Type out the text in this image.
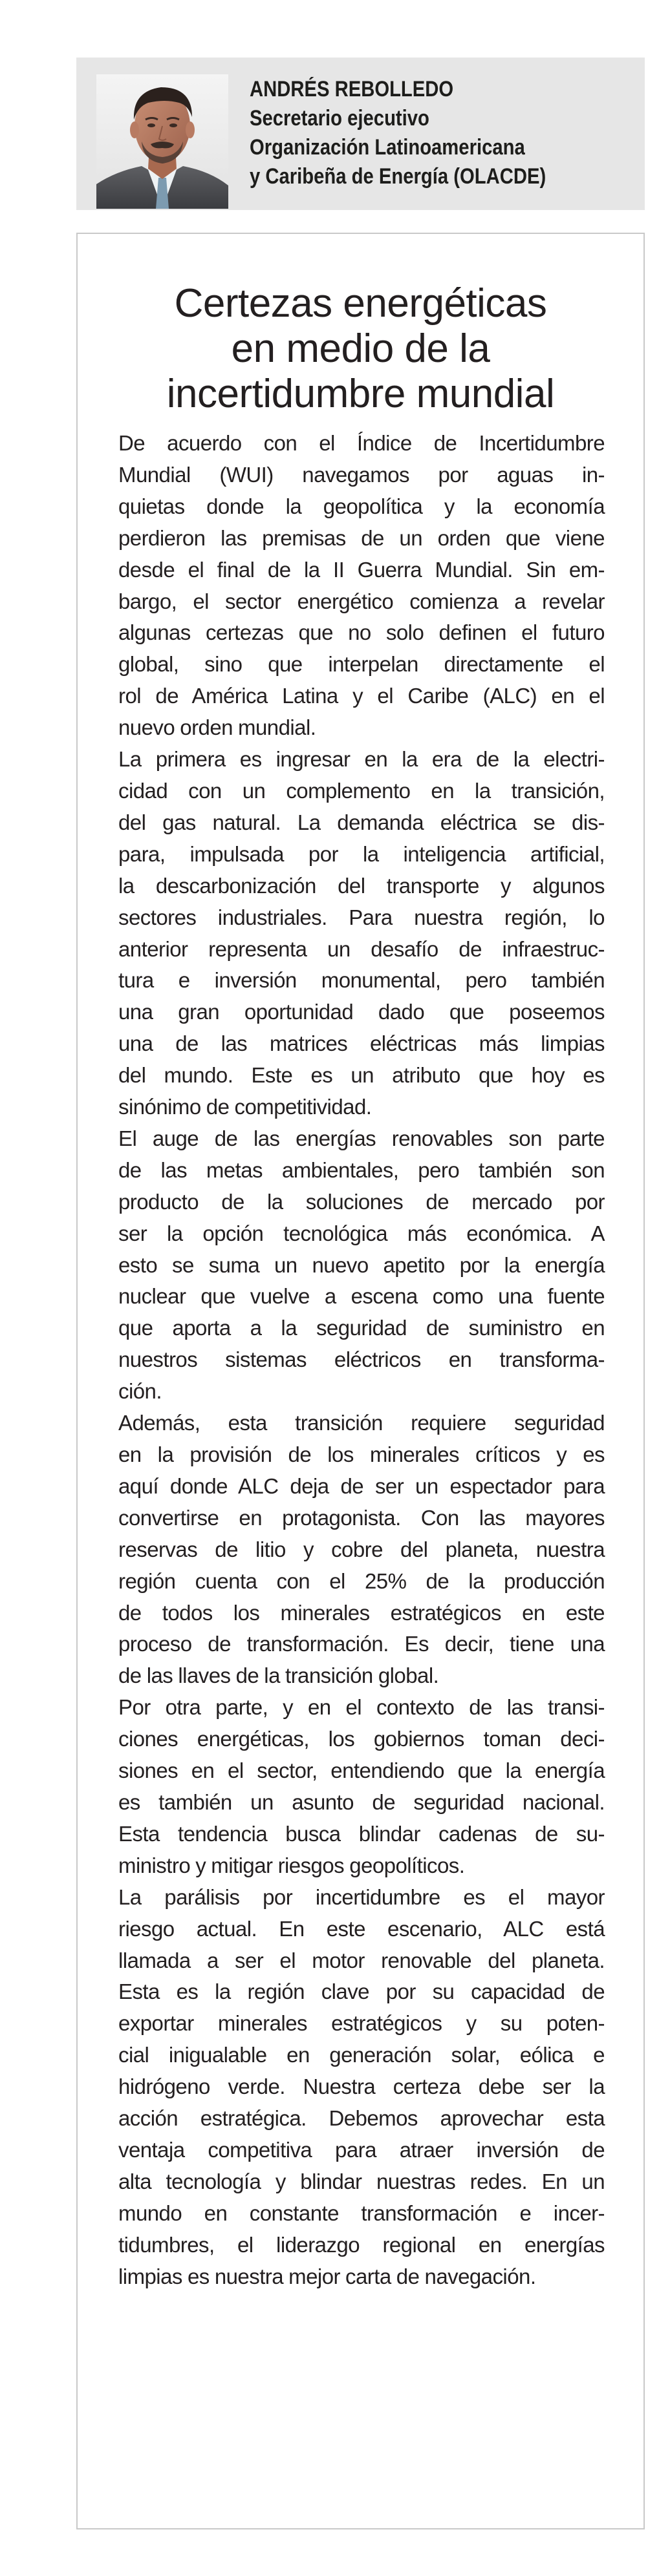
ANDRÉS REBOLLEDO
Secretario ejecutivo
Organización Latinoamericana
y Caribeña de Energía (OLACDE)
Certezas energéticas
en medio de la
incertidumbre mundial

De acuerdo con el Índice de Incertidumbre
Mundial (WUI) navegamos por aguas in-
quietas donde la geopolítica y la economía
perdieron las premisas de un orden que viene
desde el final de la II Guerra Mundial. Sin em-
bargo, el sector energético comienza a revelar
algunas certezas que no solo definen el futuro
global, sino que interpelan directamente el
rol de América Latina y el Caribe (ALC) en el
nuevo orden mundial.

La primera es ingresar en la era de la electri-
cidad con un complemento en la transición,
del gas natural. La demanda eléctrica se dis-
para, impulsada por la inteligencia artificial,
la descarbonización del transporte y algunos
sectores industriales. Para nuestra región, lo
anterior representa un desafío de infraestruc-
tura e inversión monumental, pero también
una gran oportunidad dado que poseemos
una de las matrices eléctricas más limpias
del mundo. Este es un atributo que hoy es
sinónimo de competitividad.

El auge de las energías renovables son parte
de las metas ambientales, pero también son
producto de la soluciones de mercado por
ser la opción tecnológica más económica. A
esto se suma un nuevo apetito por la energía
nuclear que vuelve a escena como una fuente
que aporta a la seguridad de suministro en
nuestros sistemas eléctricos en transforma-
ción.

Además, esta transición requiere seguridad
en la provisión de los minerales críticos y es
aquí donde ALC deja de ser un espectador para
convertirse en protagonista. Con las mayores
reservas de litio y cobre del planeta, nuestra
región cuenta con el 25% de la producción
de todos los minerales estratégicos en este
proceso de transformación. Es decir, tiene una
de las llaves de la transición global.

Por otra parte, y en el contexto de las transi-
ciones energéticas, los gobiernos toman deci-
siones en el sector, entendiendo que la energía
es también un asunto de seguridad nacional.
Esta tendencia busca blindar cadenas de su-
ministro y mitigar riesgos geopolíticos.

La parálisis por incertidumbre es el mayor
riesgo actual. En este escenario, ALC está
llamada a ser el motor renovable del planeta.
Esta es la región clave por su capacidad de
exportar minerales estratégicos y su poten-
cial inigualable en generación solar, eólica e
hidrógeno verde. Nuestra certeza debe ser la
acción estratégica. Debemos aprovechar esta
ventaja competitiva para atraer inversión de
alta tecnología y blindar nuestras redes. En un
mundo en constante transformación e incer-
tidumbres, el liderazgo regional en energías
limpias es nuestra mejor carta de navegación.
